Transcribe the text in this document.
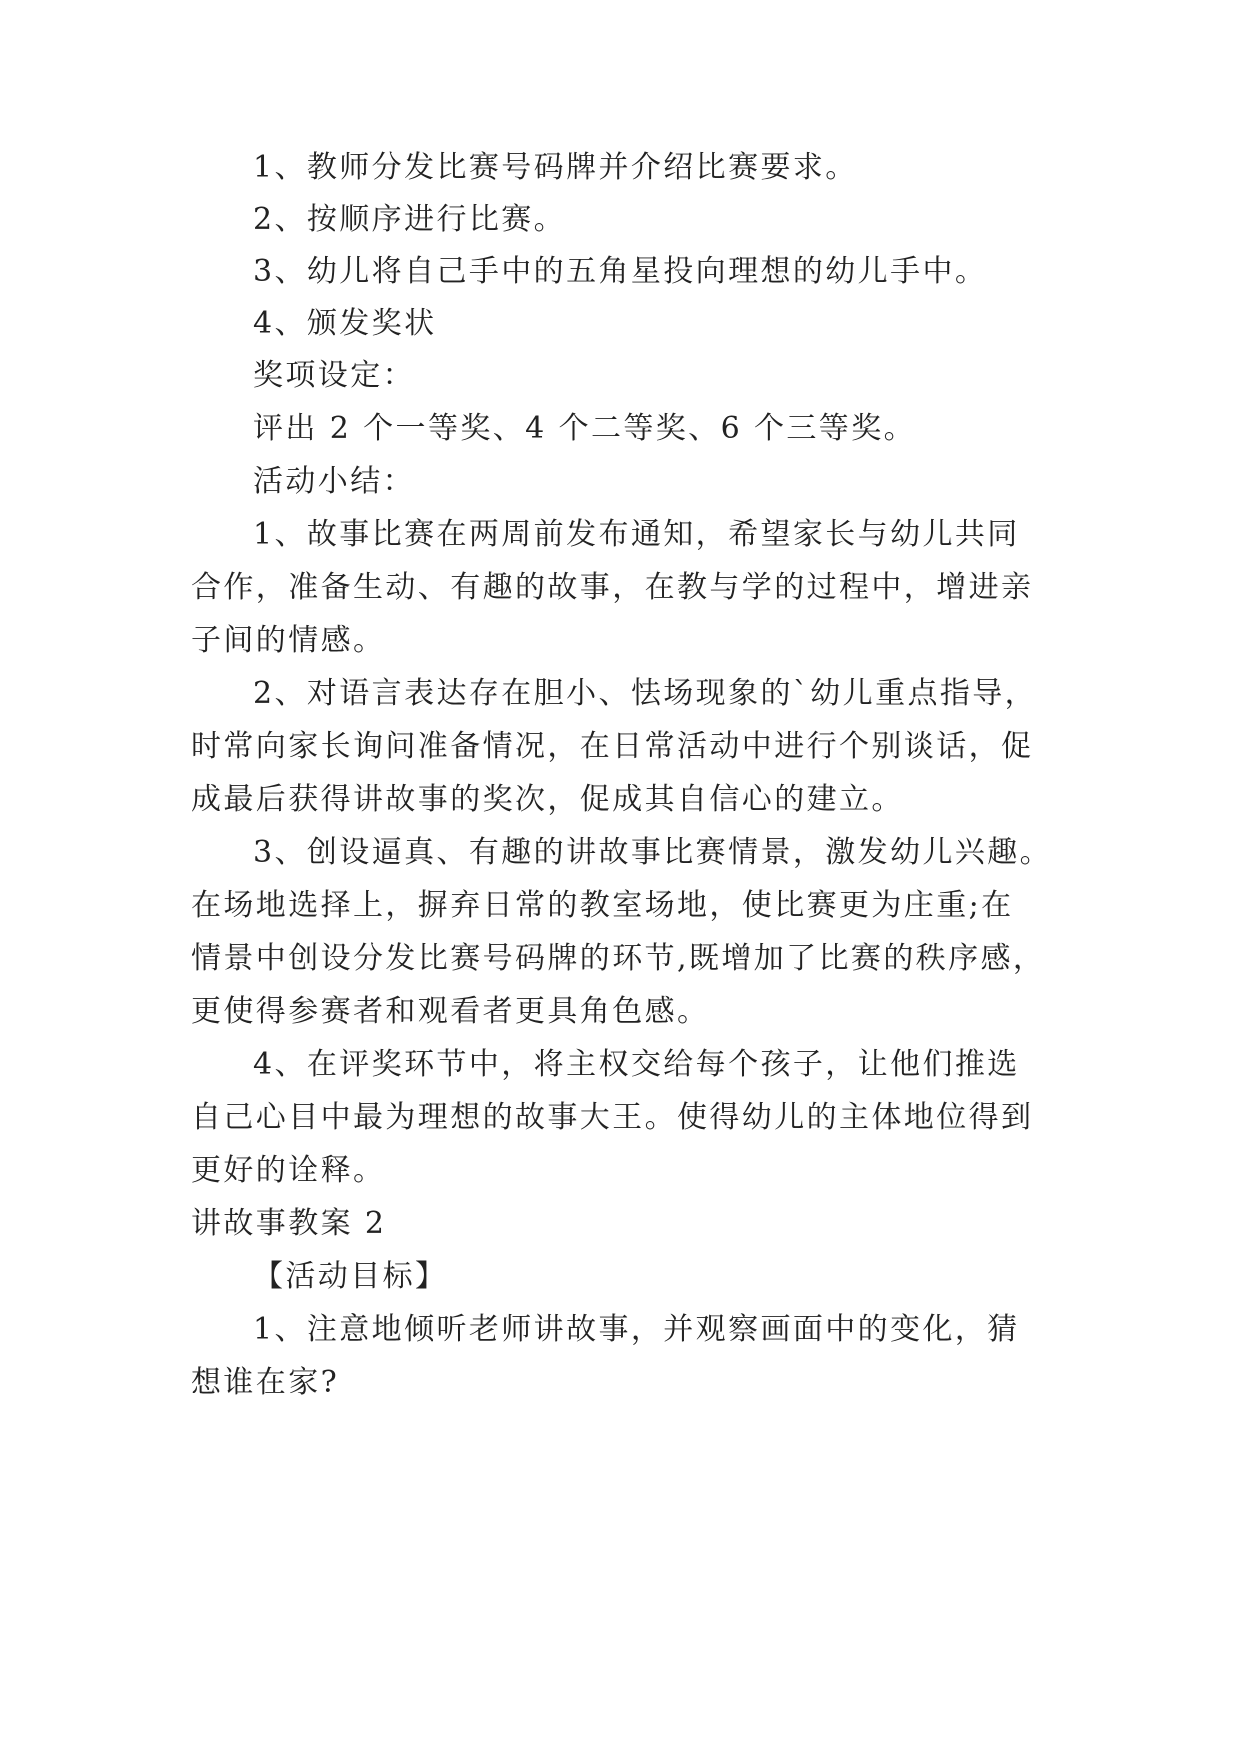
1、教师分发比赛号码牌并介绍比赛要求。
2、按顺序进行比赛。
3、幼儿将自己手中的五角星投向理想的幼儿手中。
4、颁发奖状
奖项设定：
评出 2 个一等奖、4 个二等奖、6 个三等奖。
活动小结：
1、故事比赛在两周前发布通知，希望家长与幼儿共同
合作，准备生动、有趣的故事，在教与学的过程中，增进亲
子间的情感。
2、对语言表达存在胆小、怯场现象的`幼儿重点指导，
时常向家长询问准备情况，在日常活动中进行个别谈话，促
成最后获得讲故事的奖次，促成其自信心的建立。
3、创设逼真、有趣的讲故事比赛情景，激发幼儿兴趣。
在场地选择上，摒弃日常的教室场地，使比赛更为庄重;在
情景中创设分发比赛号码牌的环节,既增加了比赛的秩序感，
更使得参赛者和观看者更具角色感。
4、在评奖环节中，将主权交给每个孩子，让他们推选
自己心目中最为理想的故事大王。使得幼儿的主体地位得到
更好的诠释。
讲故事教案 2
【活动目标】
1、注意地倾听老师讲故事，并观察画面中的变化，猜
想谁在家?
